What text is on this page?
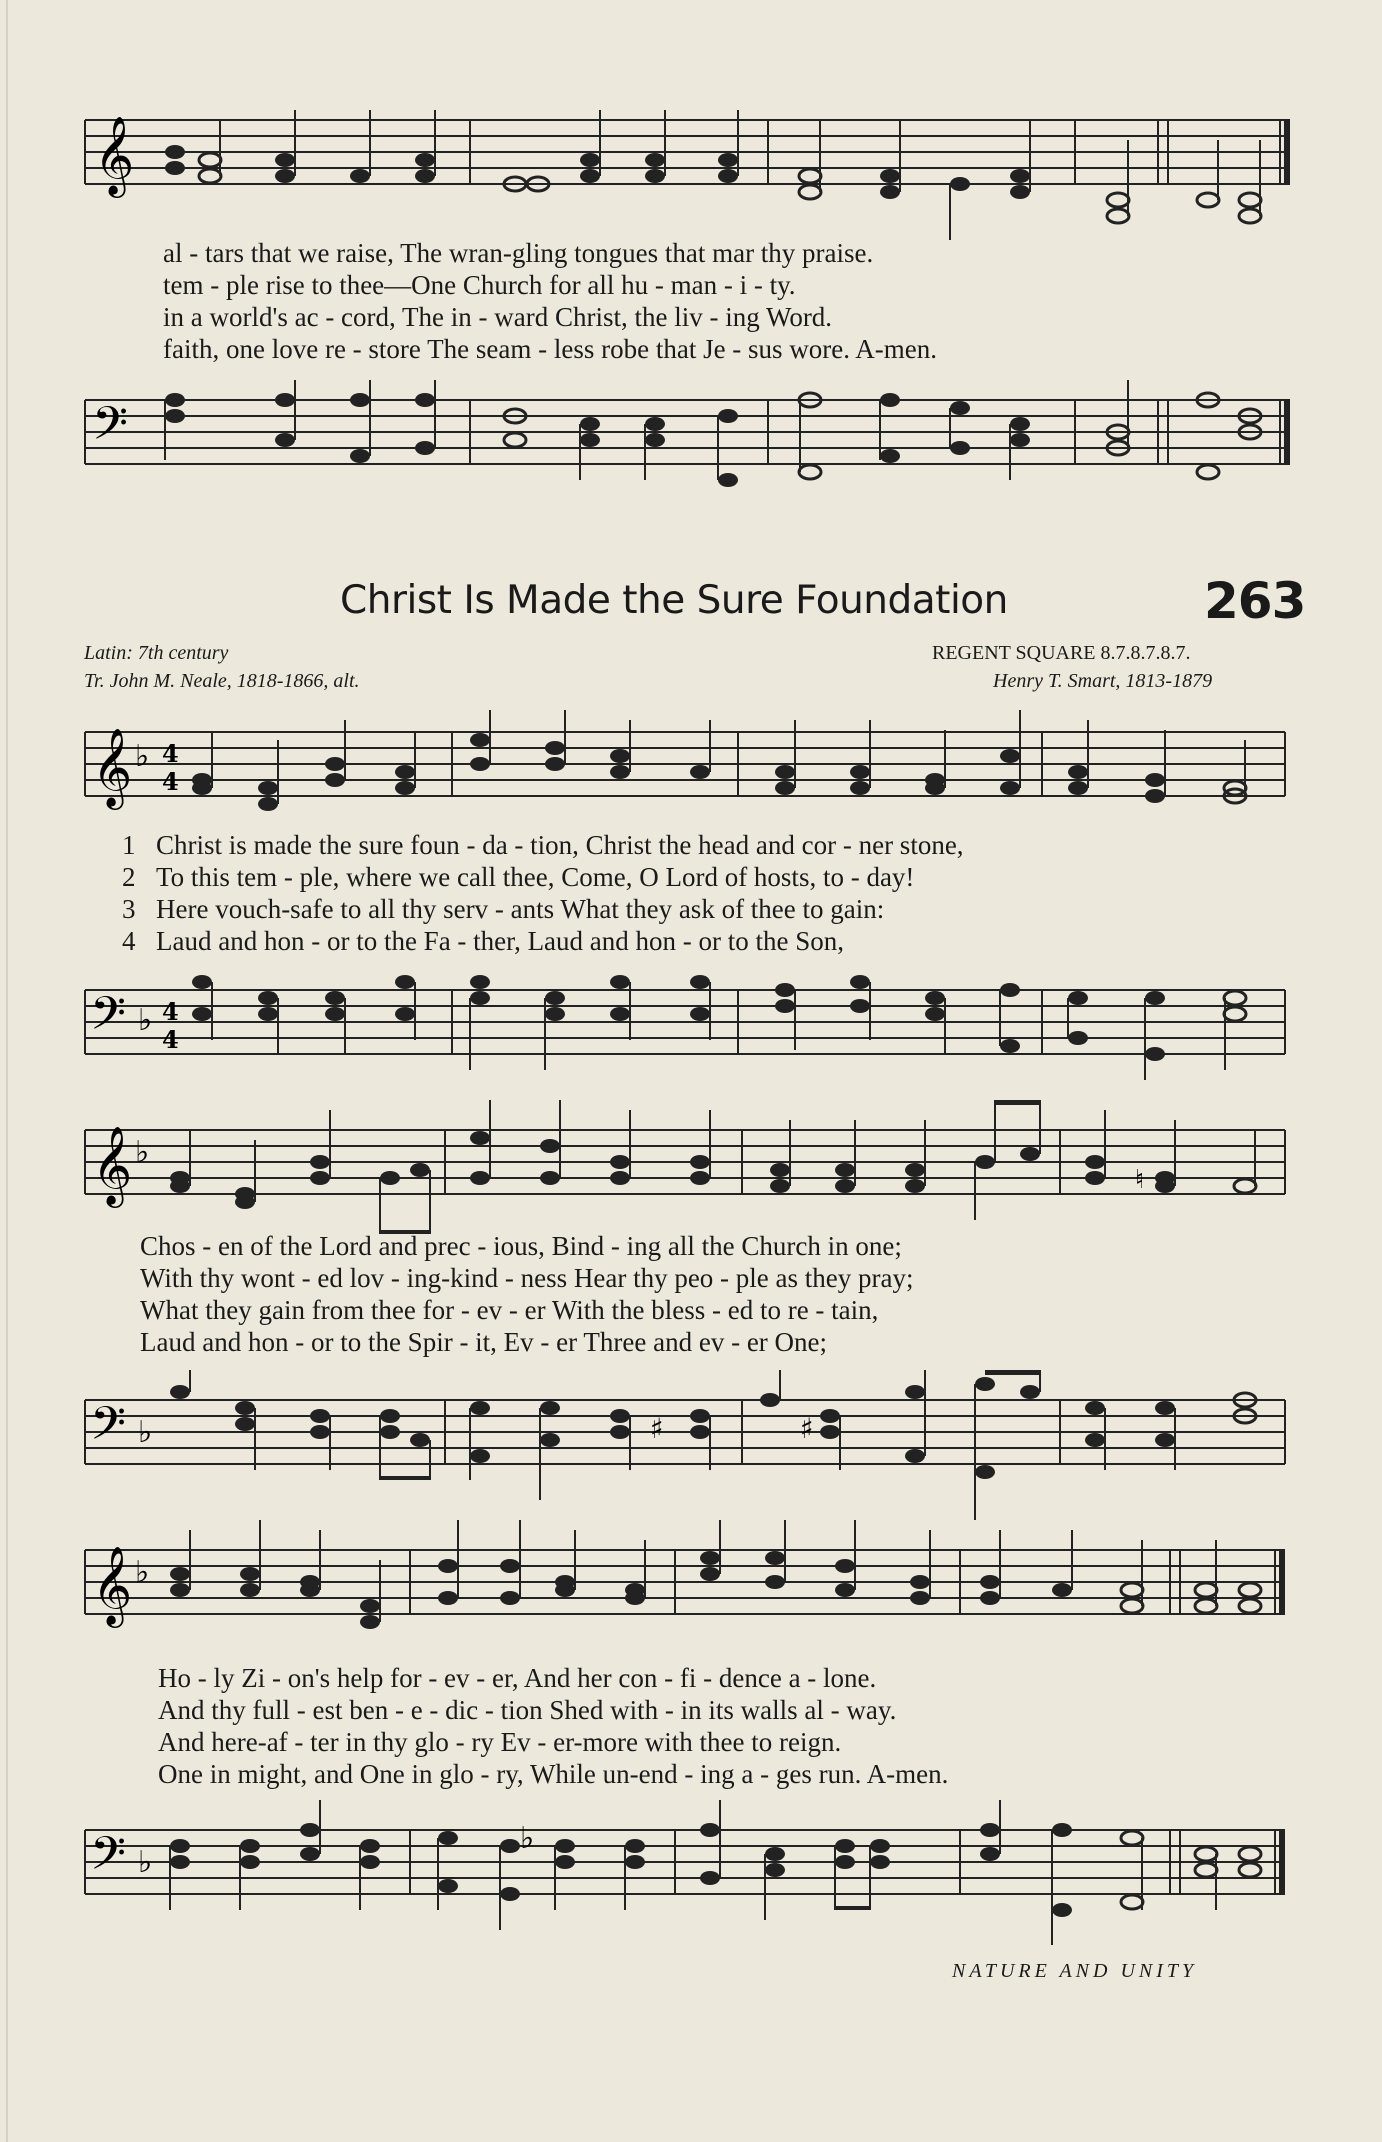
𝄞
al - tars that we raise, The wran-gling tongues that mar thy praise.
tem - ple rise to thee—One Church for all hu - man - i - ty.
in a world's ac - cord, The in - ward Christ, the liv - ing Word.
faith, one love re - store The seam - less robe that Je - sus wore. A-men.
𝄢
Christ Is Made the Sure Foundation	263
Latin: 7th century
Tr. John M. Neale, 1818-1866, alt.
REGENT SQUARE 8.7.8.7.8.7.
Henry T. Smart, 1813-1879
𝄞 ♭ 4
4
1 Christ is made the sure foun - da - tion, Christ the head and cor - ner stone,
2 To this tem - ple, where we call thee, Come, O Lord of hosts, to - day!
3 Here vouch-safe to all thy serv - ants What they ask of thee to gain:
4 Laud and hon - or to the Fa - ther, Laud and hon - or to the Son,
𝄢 ♭ 4
4
𝄞 ♭
♮
Chos - en of the Lord and prec - ious, Bind - ing all the Church in one;
With thy wont - ed lov - ing-kind - ness Hear thy peo - ple as they pray;
What they gain from thee for - ev - er With the bless - ed to re - tain,
Laud and hon - or to the Spir - it, Ev - er Three and ev - er One;
𝄢 ♭	♯	♯
𝄞 ♭
Ho - ly Zi - on's help for - ev - er, And her con - fi - dence a - lone.
And thy full - est ben - e - dic - tion Shed with - in its walls al - way.
And here-af - ter in thy glo - ry Ev - er-more with thee to reign.
One in might, and One in glo - ry, While un-end - ing a - ges run. A-men.
𝄢 ♭
♭
NATURE AND UNITY
